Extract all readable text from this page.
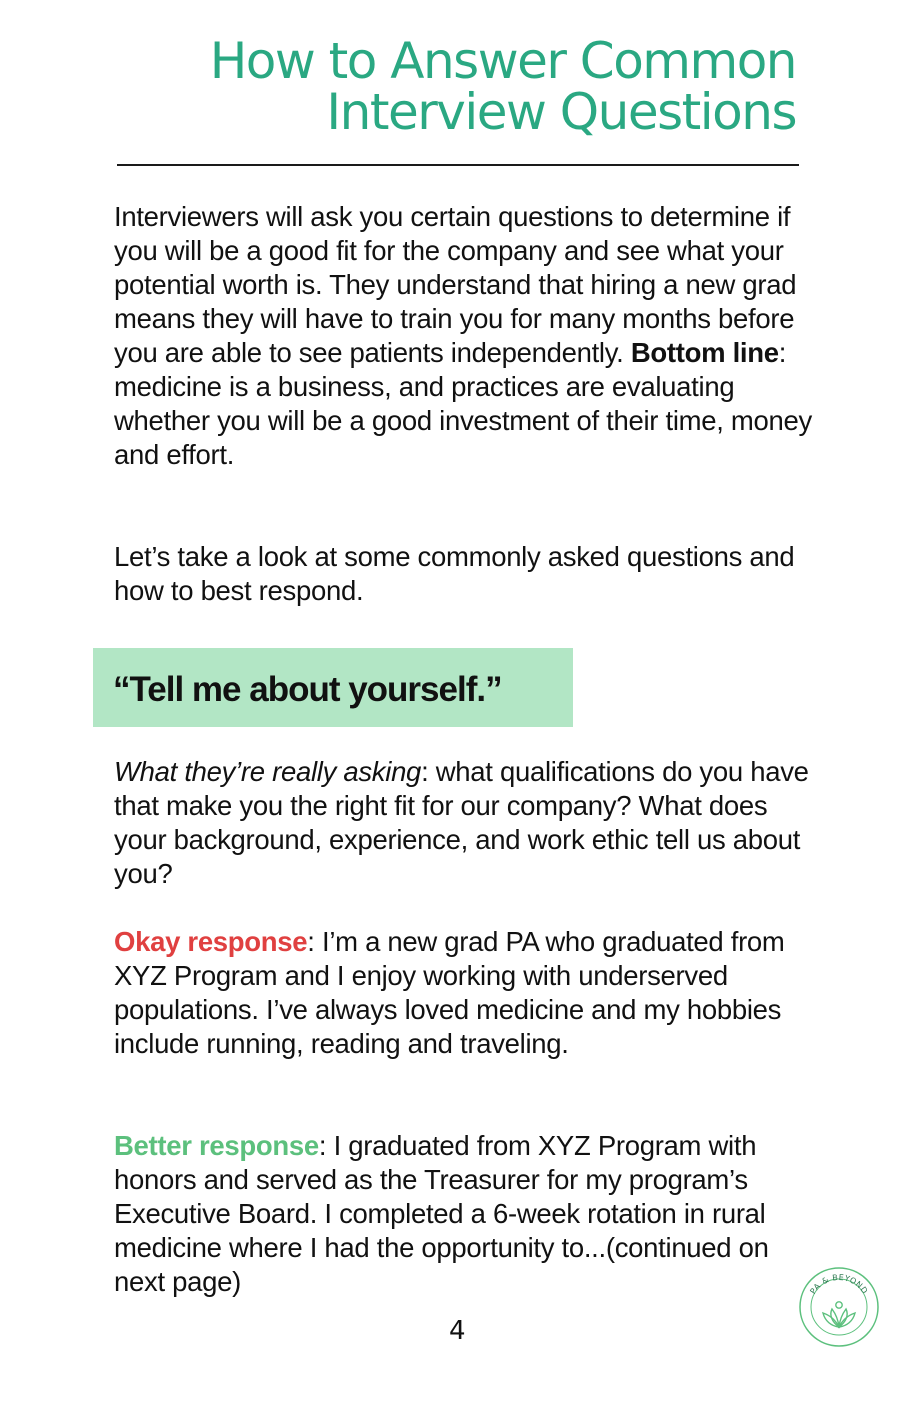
How to Answer Common
Interview Questions

Interviewers will ask you certain questions to determine if you will be a good fit for the company and see what your potential worth is. They understand that hiring a new grad means they will have to train you for many months before you are able to see patients independently. Bottom line: medicine is a business, and practices are evaluating whether you will be a good investment of their time, money and effort.

Let’s take a look at some commonly asked questions and how to best respond.

“Tell me about yourself.”

What they’re really asking: what qualifications do you have that make you the right fit for our company? What does your background, experience, and work ethic tell us about you?

Okay response: I’m a new grad PA who graduated from XYZ Program and I enjoy working with underserved populations. I’ve always loved medicine and my hobbies include running, reading and traveling.

Better response: I graduated from XYZ Program with honors and served as the Treasurer for my program’s Executive Board. I completed a 6-week rotation in rural medicine where I had the opportunity to...(continued on next page)

4
PA & BEYOND
